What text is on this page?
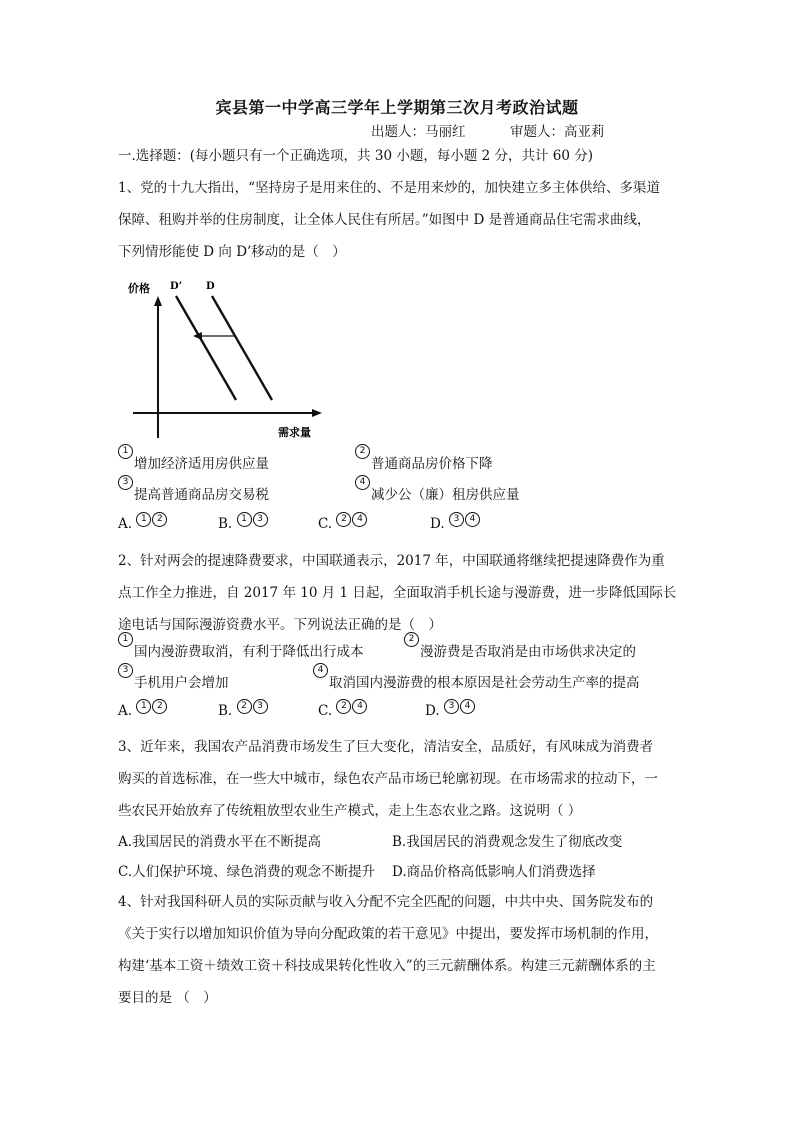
宾县第一中学高三学年上学期第三次月考政治试题
出题人：马丽红	审题人：高亚莉
一.选择题：(每小题只有一个正确选项，共 30 小题，每小题 2 分，共计 60 分)
1、党的十九大指出，“坚持房子是用来住的、不是用来炒的，加快建立多主体供给、多渠道
保障、租购并举的住房制度，让全体人民住有所居。”如图中 D 是普通商品住宅需求曲线，
下列情形能使 D 向 D’移动的是（　）
价格
需求量
D’ D
1增加经济适用房供应量
2普通商品房价格下降
3提高普通商品房交易税
4减少公（廉）租房供应量
A. 1 2	B. 1 3	C. 2 4	D. 3 4
2、针对两会的提速降费要求，中国联通表示，2017 年，中国联通将继续把提速降费作为重
点工作全力推进，自 2017 年 10 月 1 日起，全面取消手机长途与漫游费，进一步降低国际长
途电话与国际漫游资费水平。下列说法正确的是（　）
1国内漫游费取消，有利于降低出行成本
2漫游费是否取消是由市场供求决定的
3手机用户会增加
4取消国内漫游费的根本原因是社会劳动生产率的提高
A. 1 2	B. 2 3	C. 2 4	D. 3 4
3、近年来，我国农产品消费市场发生了巨大变化，清洁安全，品质好，有风味成为消费者
购买的首选标准，在一些大中城市，绿色农产品市场已轮廓初现。在市场需求的拉动下，一
些农民开始放弃了传统粗放型农业生产模式，走上生态农业之路。这说明（ ）
A.我国居民的消费水平在不断提高	B.我国居民的消费观念发生了彻底改变
C.人们保护环境、绿色消费的观念不断提升 D.商品价格高低影响人们消费选择
4、针对我国科研人员的实际贡献与收入分配不完全匹配的问题，中共中央、国务院发布的
《关于实行以增加知识价值为导向分配政策的若干意见》中提出，要发挥市场机制的作用，
构建‘基本工资＋绩效工资＋科技成果转化性收入”的三元薪酬体系。构建三元薪酬体系的主
要目的是 （　）
